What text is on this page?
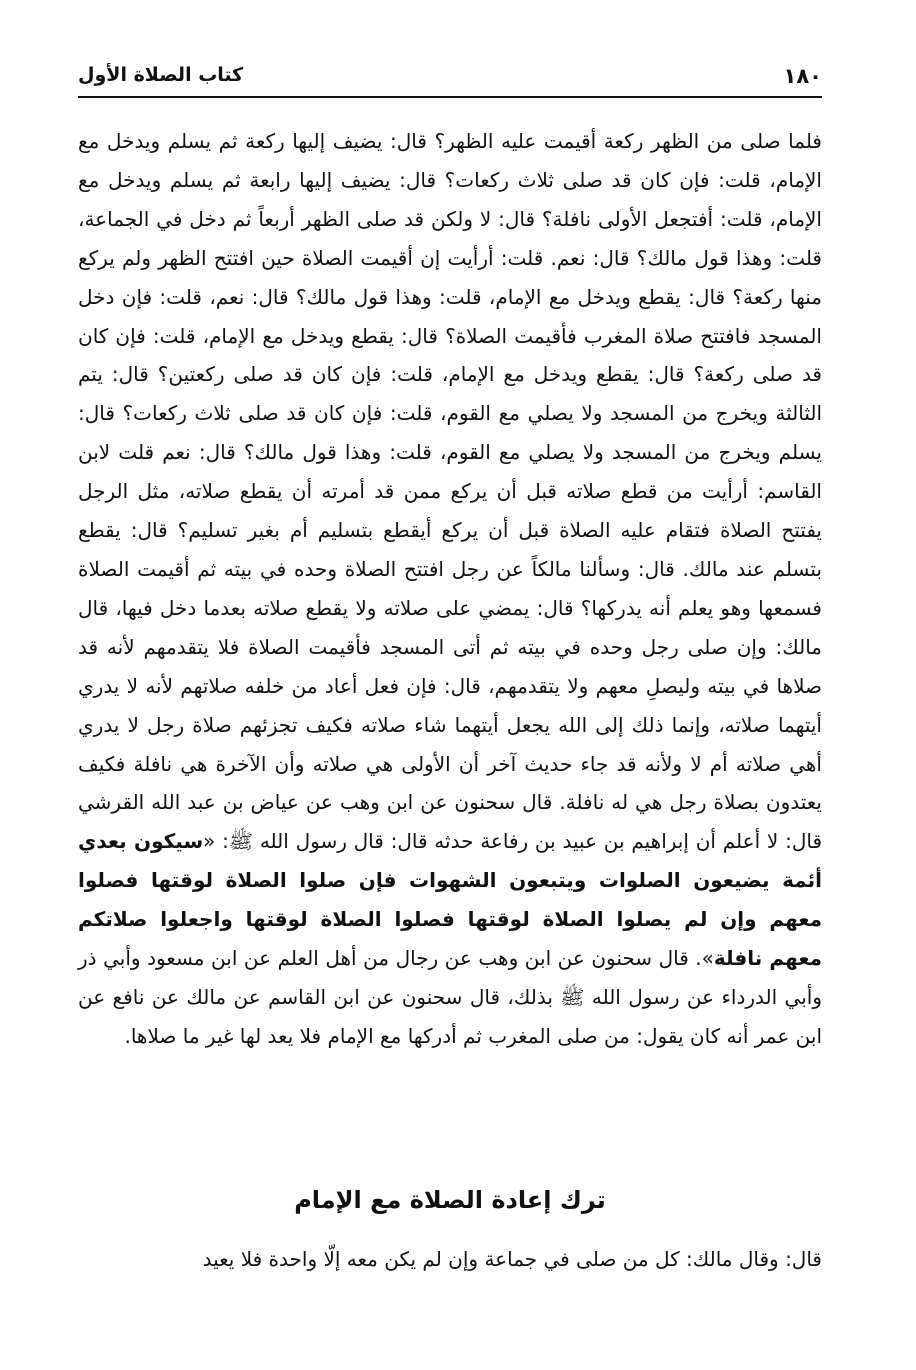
١٨٠
كتاب الصلاة الأول

فلما صلى من الظهر ركعة أقيمت عليه الظهر؟ قال: يضيف إليها ركعة ثم يسلم ويدخل مع الإمام، قلت: فإن كان قد صلى ثلاث ركعات؟ قال: يضيف إليها رابعة ثم يسلم ويدخل مع الإمام، قلت: أفتجعل الأولى نافلة؟ قال: لا ولكن قد صلى الظهر أربعاً ثم دخل في الجماعة، قلت: وهذا قول مالك؟ قال: نعم. قلت: أرأيت إن أقيمت الصلاة حين افتتح الظهر ولم يركع منها ركعة؟ قال: يقطع ويدخل مع الإمام، قلت: وهذا قول مالك؟ قال: نعم، قلت: فإن دخل المسجد فافتتح صلاة المغرب فأقيمت الصلاة؟ قال: يقطع ويدخل مع الإمام، قلت: فإن كان قد صلى ركعة؟ قال: يقطع ويدخل مع الإمام، قلت: فإن كان قد صلى ركعتين؟ قال: يتم الثالثة ويخرج من المسجد ولا يصلي مع القوم، قلت: فإن كان قد صلى ثلاث ركعات؟ قال: يسلم ويخرج من المسجد ولا يصلي مع القوم، قلت: وهذا قول مالك؟ قال: نعم قلت لابن القاسم: أرأيت من قطع صلاته قبل أن يركع ممن قد أمرته أن يقطع صلاته، مثل الرجل يفتتح الصلاة فتقام عليه الصلاة قبل أن يركع أيقطع بتسليم أم بغير تسليم؟ قال: يقطع بتسلم عند مالك. قال: وسألنا مالكاً عن رجل افتتح الصلاة وحده في بيته ثم أقيمت الصلاة فسمعها وهو يعلم أنه يدركها؟ قال: يمضي على صلاته ولا يقطع صلاته بعدما دخل فيها، قال مالك: وإن صلى رجل وحده في بيته ثم أتى المسجد فأقيمت الصلاة فلا يتقدمهم لأنه قد صلاها في بيته وليصلِ معهم ولا يتقدمهم، قال: فإن فعل أعاد من خلفه صلاتهم لأنه لا يدري أيتهما صلاته، وإنما ذلك إلى الله يجعل أيتهما شاء صلاته فكيف تجزئهم صلاة رجل لا يدري أهي صلاته أم لا ولأنه قد جاء حديث آخر أن الأولى هي صلاته وأن الآخرة هي نافلة فكيف يعتدون بصلاة رجل هي له نافلة. قال سحنون عن ابن وهب عن عياض بن عبد الله القرشي قال: لا أعلم أن إبراهيم بن عبيد بن رفاعة حدثه قال: قال رسول الله ﷺ: «سيكون بعدي أئمة يضيعون الصلوات ويتبعون الشهوات فإن صلوا الصلاة لوقتها فصلوا معهم وإن لم يصلوا الصلاة لوقتها فصلوا الصلاة لوقتها واجعلوا صلاتكم معهم نافلة». قال سحنون عن ابن وهب عن رجال من أهل العلم عن ابن مسعود وأبي ذر وأبي الدرداء عن رسول الله ﷺ بذلك، قال سحنون عن ابن القاسم عن مالك عن نافع عن ابن عمر أنه كان يقول: من صلى المغرب ثم أدركها مع الإمام فلا يعد لها غير ما صلاها.

ترك إعادة الصلاة مع الإمام

قال: وقال مالك: كل من صلى في جماعة وإن لم يكن معه إلّا واحدة فلا يعيد
